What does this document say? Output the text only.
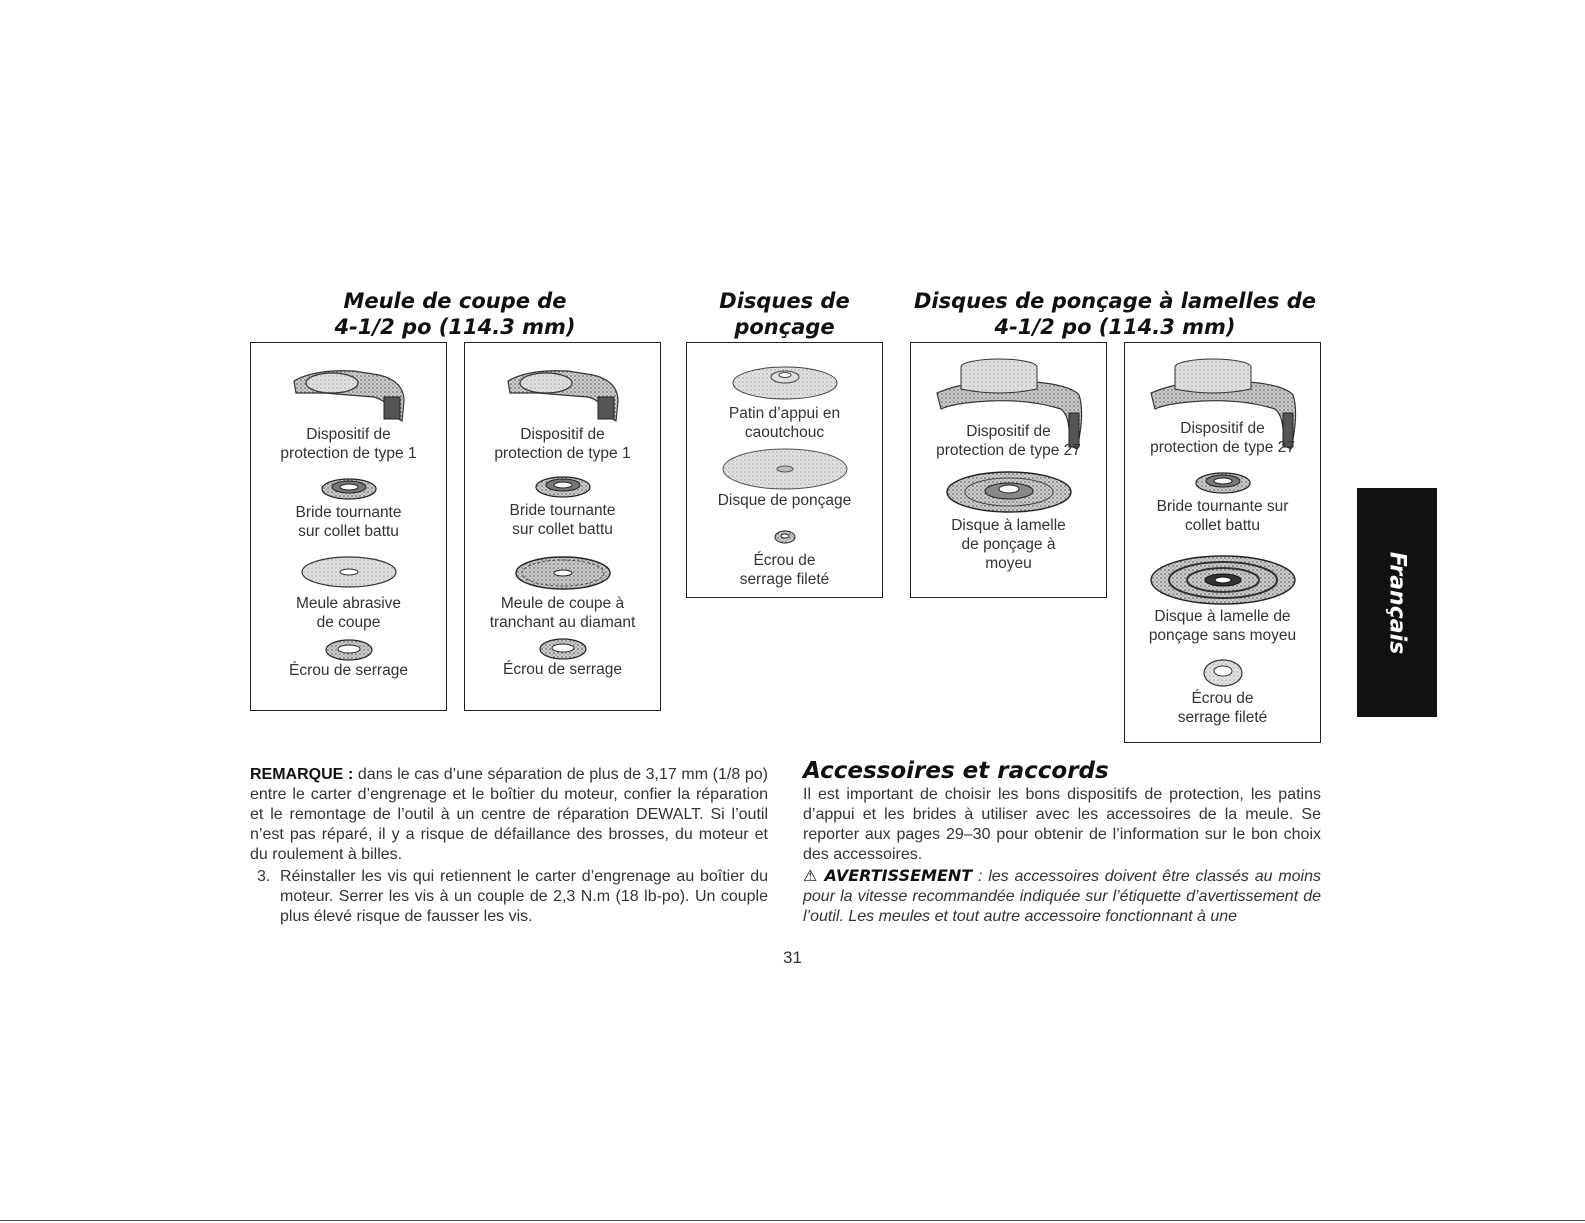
Meule de coupe de
4-1/2 po (114.3 mm)
Disques de
ponçage
Disques de ponçage à lamelles de
4-1/2 po (114.3 mm)

Dispositif de
protection de type 1

Bride tournante
sur collet battu

Meule abrasive
de coupe

Écrou de serrage

Dispositif de
protection de type 1

Bride tournante
sur collet battu

Meule de coupe à
tranchant au diamant

Écrou de serrage

Patin d’appui en
caoutchouc

Disque de ponçage

Écrou de
serrage fileté

Dispositif de
protection de type 27

Disque à lamelle
de ponçage à
moyeu

Dispositif de
protection de type 27

Bride tournante sur
collet battu

Disque à lamelle de
ponçage sans moyeu

Écrou de
serrage fileté

Français

REMARQUE : dans le cas d’une séparation de plus de 3,17 mm (1/8 po) entre le carter d’engrenage et le boîtier du moteur, confier la réparation et le remontage de l’outil à un centre de réparation DEWALT. Si l’outil n’est pas réparé, il y a risque de défaillance des brosses, du moteur et du roulement à billes.

3. Réinstaller les vis qui retiennent le carter d’engrenage au boîtier du moteur. Serrer les vis à un couple de 2,3 N.m (18 lb-po). Un couple plus élevé risque de fausser les vis.

Accessoires et raccords

Il est important de choisir les bons dispositifs de protection, les patins d’appui et les brides à utiliser avec les accessoires de la meule. Se reporter aux pages 29–30 pour obtenir de l’information sur le bon choix des accessoires.

⚠ AVERTISSEMENT : les accessoires doivent être classés au moins pour la vitesse recommandée indiquée sur l’étiquette d’avertissement de l’outil. Les meules et tout autre accessoire fonctionnant à une

31
